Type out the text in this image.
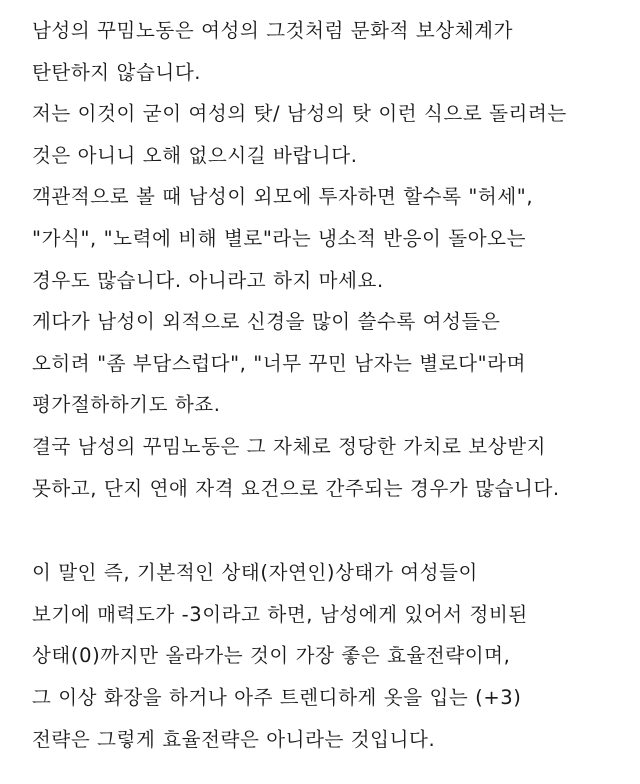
남성의 꾸밈노동은 여성의 그것처럼 문화적 보상체계가
탄탄하지 않습니다.
저는 이것이 굳이 여성의 탓/ 남성의 탓 이런 식으로 돌리려는
것은 아니니 오해 없으시길 바랍니다.
객관적으로 볼 때 남성이 외모에 투자하면 할수록 "허세",
"가식", "노력에 비해 별로"라는 냉소적 반응이 돌아오는
경우도 많습니다. 아니라고 하지 마세요.
게다가 남성이 외적으로 신경을 많이 쓸수록 여성들은
오히려 "좀 부담스럽다", "너무 꾸민 남자는 별로다"라며
평가절하하기도 하죠.
결국 남성의 꾸밈노동은 그 자체로 정당한 가치로 보상받지
못하고, 단지 연애 자격 요건으로 간주되는 경우가 많습니다.
이 말인 즉, 기본적인 상태(자연인)상태가 여성들이
보기에 매력도가 -3이라고 하면, 남성에게 있어서 정비된
상태(0)까지만 올라가는 것이 가장 좋은 효율전략이며,
그 이상 화장을 하거나 아주 트렌디하게 옷을 입는 (+3)
전략은 그렇게 효율전략은 아니라는 것입니다.
